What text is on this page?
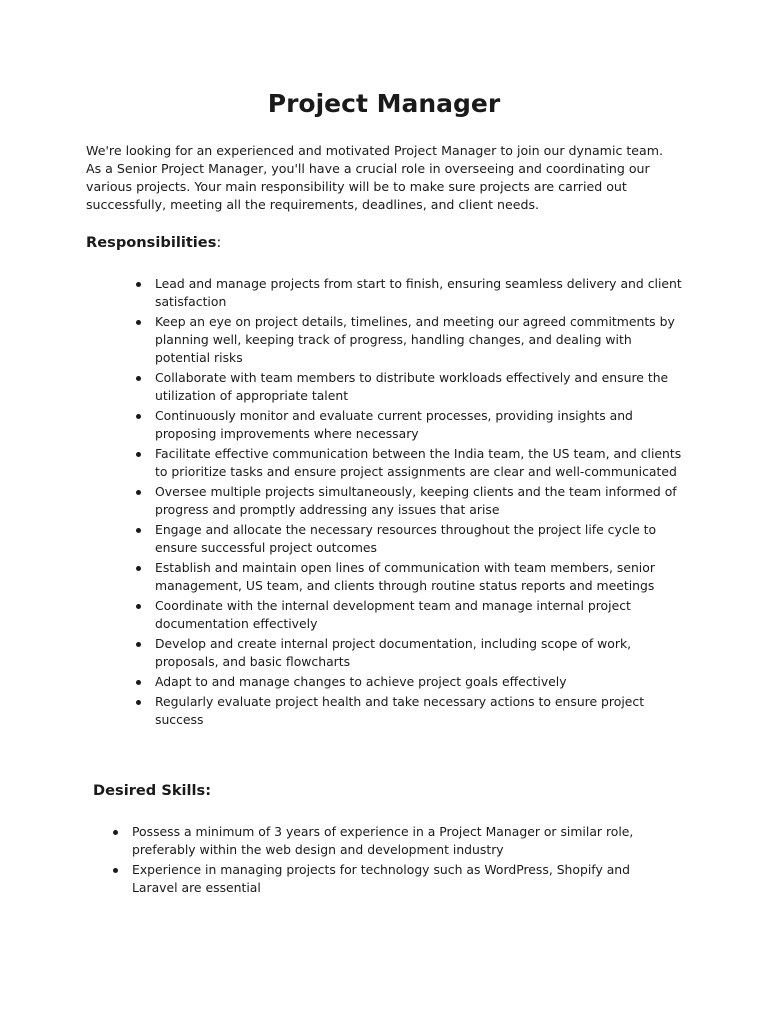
Project Manager

We're looking for an experienced and motivated Project Manager to join our dynamic team. As a Senior Project Manager, you'll have a crucial role in overseeing and coordinating our various projects. Your main responsibility will be to make sure projects are carried out successfully, meeting all the requirements, deadlines, and client needs.

Responsibilities:
Lead and manage projects from start to finish, ensuring seamless delivery and client satisfaction
Keep an eye on project details, timelines, and meeting our agreed commitments by planning well, keeping track of progress, handling changes, and dealing with potential risks
Collaborate with team members to distribute workloads effectively and ensure the utilization of appropriate talent
Continuously monitor and evaluate current processes, providing insights and proposing improvements where necessary
Facilitate effective communication between the India team, the US team, and clients to prioritize tasks and ensure project assignments are clear and well-communicated
Oversee multiple projects simultaneously, keeping clients and the team informed of progress and promptly addressing any issues that arise
Engage and allocate the necessary resources throughout the project life cycle to ensure successful project outcomes
Establish and maintain open lines of communication with team members, senior management, US team, and clients through routine status reports and meetings
Coordinate with the internal development team and manage internal project documentation effectively
Develop and create internal project documentation, including scope of work, proposals, and basic flowcharts
Adapt to and manage changes to achieve project goals effectively
Regularly evaluate project health and take necessary actions to ensure project success
Desired Skills:
Possess a minimum of 3 years of experience in a Project Manager or similar role, preferably within the web design and development industry
Experience in managing projects for technology such as WordPress, Shopify and Laravel are essential
